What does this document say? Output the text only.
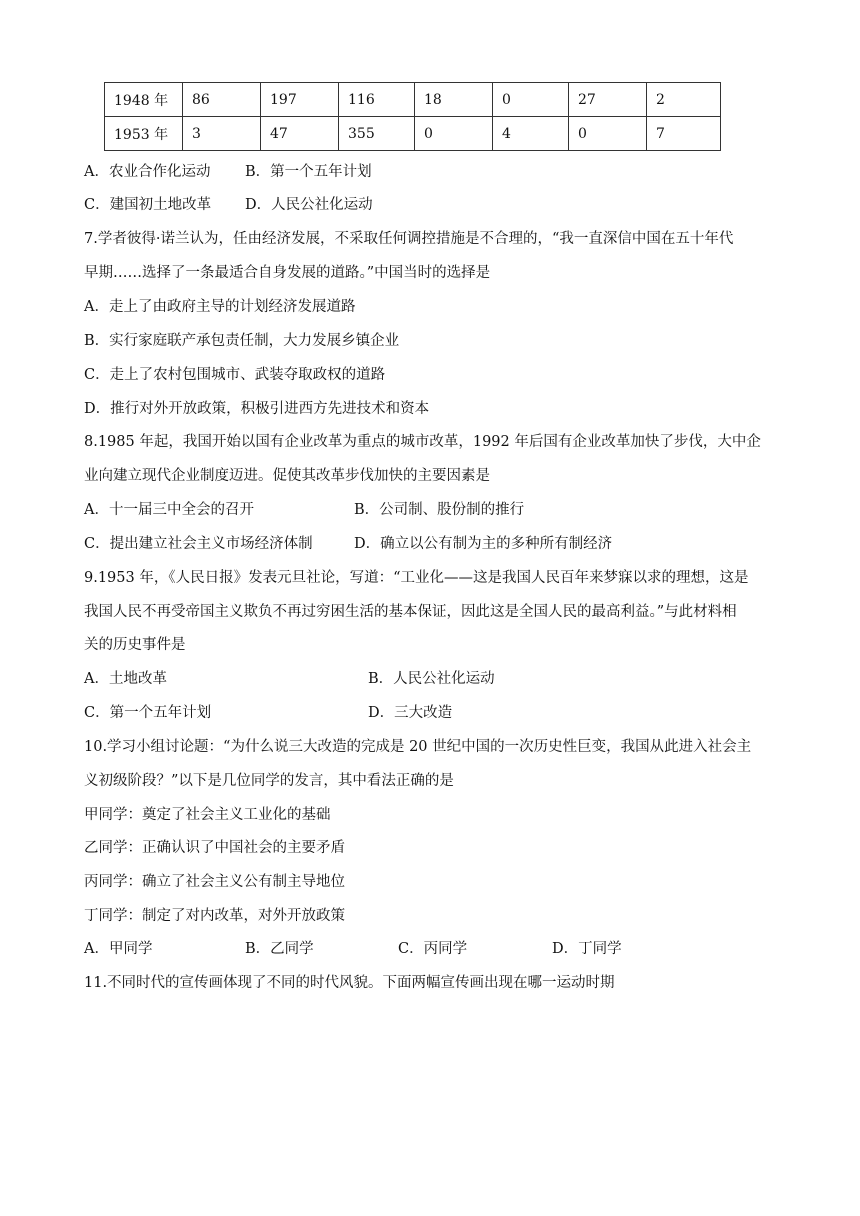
1948 年	86	197	116	18	0	27	2
1953 年	3	47	355	0	4	0	7
A．农业合作化运动 B．第一个五年计划
C．建国初土地改革 D．人民公社化运动
7.学者彼得·诺兰认为，任由经济发展，不采取任何调控措施是不合理的，“我一直深信中国在五十年代
早期……选择了一条最适合自身发展的道路。”中国当时的选择是
A．走上了由政府主导的计划经济发展道路
B．实行家庭联产承包责任制，大力发展乡镇企业
C．走上了农村包围城市、武装夺取政权的道路
D．推行对外开放政策，积极引进西方先进技术和资本
8.1985 年起，我国开始以国有企业改革为重点的城市改革，1992 年后国有企业改革加快了步伐，大中企
业向建立现代企业制度迈进。促使其改革步伐加快的主要因素是
A．十一届三中全会的召开	B．公司制、股份制的推行
C．提出建立社会主义市场经济体制	D．确立以公有制为主的多种所有制经济
9.1953 年，《人民日报》发表元旦社论，写道：“工业化——这是我国人民百年来梦寐以求的理想，这是
我国人民不再受帝国主义欺负不再过穷困生活的基本保证，因此这是全国人民的最高利益。”与此材料相
关的历史事件是
A．土地改革	B．人民公社化运动
C．第一个五年计划	D．三大改造
10.学习小组讨论题：“为什么说三大改造的完成是 20 世纪中国的一次历史性巨变，我国从此进入社会主
义初级阶段？”以下是几位同学的发言，其中看法正确的是
甲同学：奠定了社会主义工业化的基础
乙同学：正确认识了中国社会的主要矛盾
丙同学：确立了社会主义公有制主导地位
丁同学：制定了对内改革，对外开放政策
A．甲同学	B．乙同学	C．丙同学	D．丁同学
11.不同时代的宣传画体现了不同的时代风貌。下面两幅宣传画出现在哪一运动时期
